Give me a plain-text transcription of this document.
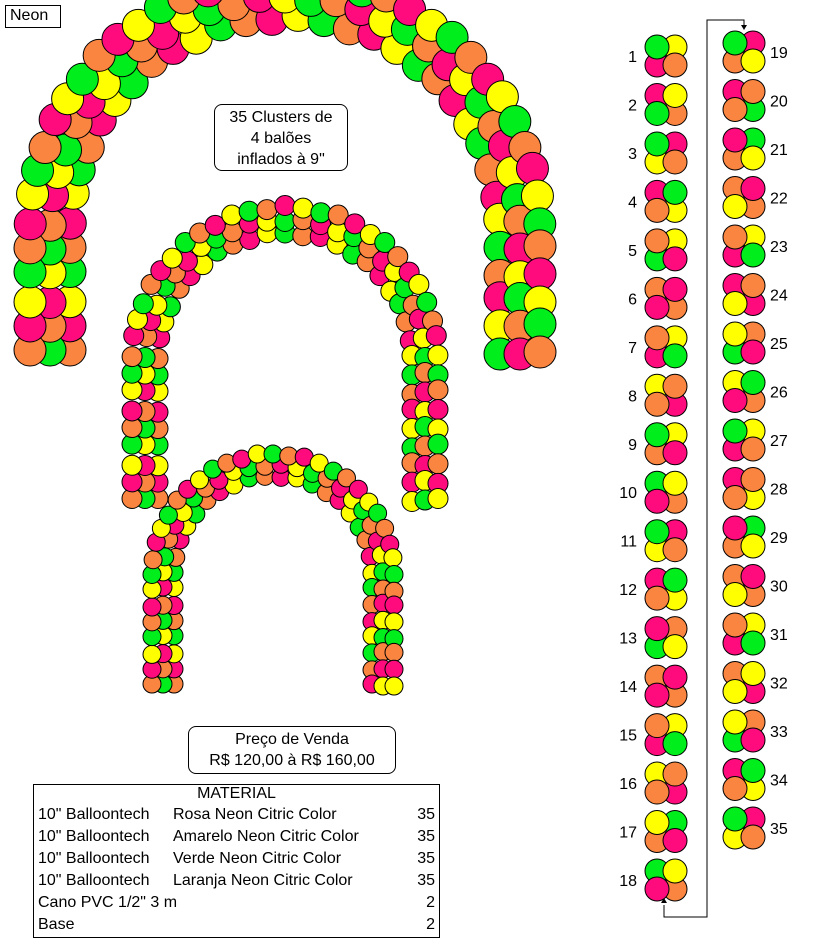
1
2
3
4
5
6
7
8
9
10
11
12
13
14
15
16
17
18
19
20
21
22
23
24
25
26
27
28
29
30
31
32
33
34
35
Neon
35 Clusters de
4 balões
inflados à 9"
Preço de Venda
R$ 120,00 à R$ 160,00
MATERIAL
10" Balloontech Rosa Neon Citric Color	35
10" Balloontech Amarelo Neon Citric Color	35
10" Balloontech Verde Neon Citric Color	35
10" Balloontech Laranja Neon Citric Color	35
Cano PVC 1/2" 3 m	2
Base	2
